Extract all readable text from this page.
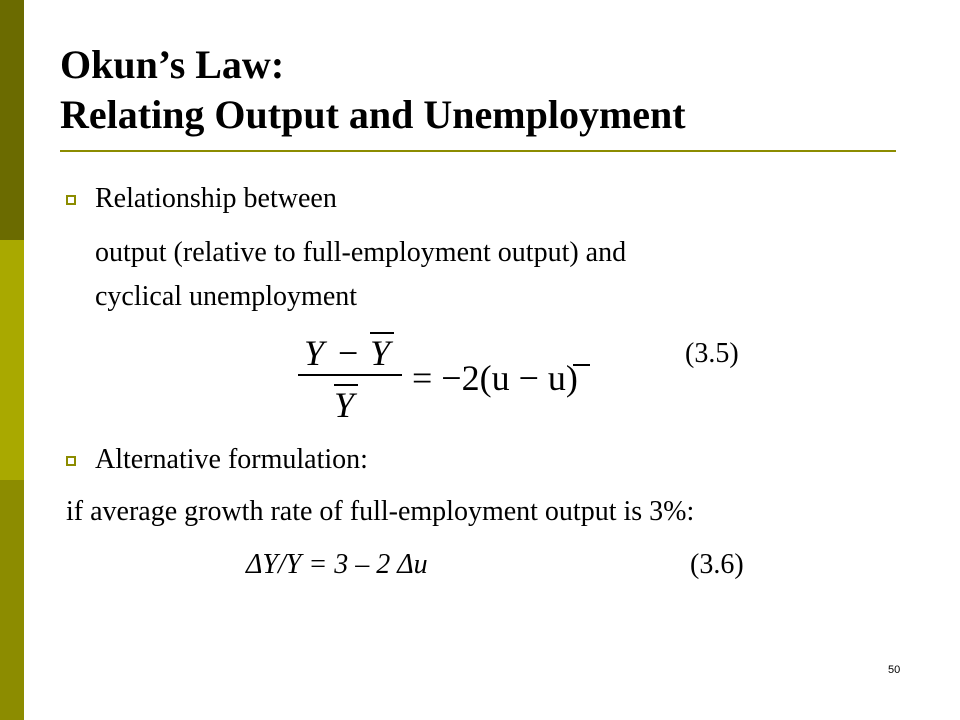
Okun’s Law:
Relating Output and Unemployment
Relationship between
output (relative to full-employment output) and
cyclical unemployment
Y − Y
Y
= −2(u − u)
(3.5)
Alternative formulation:
if average growth rate of full-employment output is 3%:
ΔY/Y = 3 – 2 Δu	(3.6)
50
